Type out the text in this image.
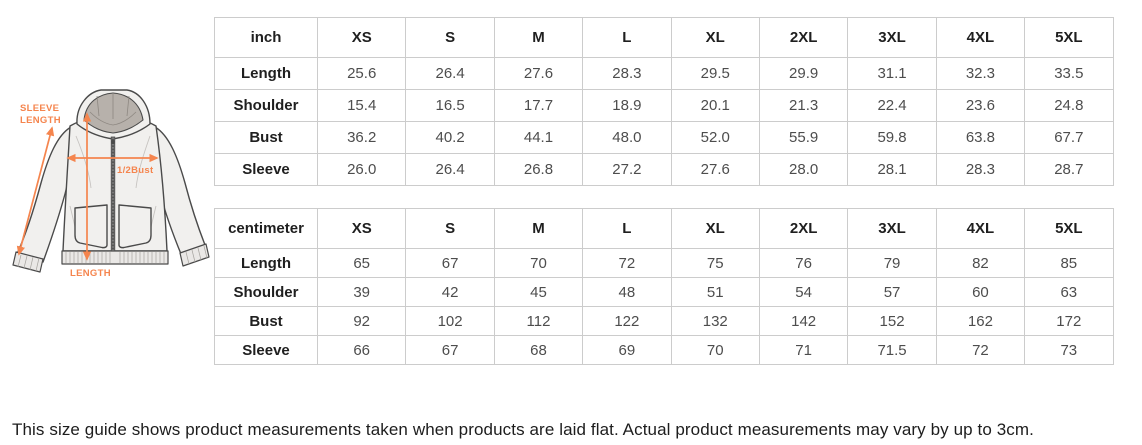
SLEEVE
LENGTH
1/2Bust
LENGTH
inch	XS	S	M	L	XL	2XL	3XL	4XL	5XL
Length	25.6	26.4	27.6	28.3	29.5	29.9	31.1	32.3	33.5
Shoulder	15.4	16.5	17.7	18.9	20.1	21.3	22.4	23.6	24.8
Bust	36.2	40.2	44.1	48.0	52.0	55.9	59.8	63.8	67.7
Sleeve	26.0	26.4	26.8	27.2	27.6	28.0	28.1	28.3	28.7
centimeter	XS	S	M	L	XL	2XL	3XL	4XL	5XL
Length	65	67	70	72	75	76	79	82	85
Shoulder	39	42	45	48	51	54	57	60	63
Bust	92	102	112	122	132	142	152	162	172
Sleeve	66	67	68	69	70	71	71.5	72	73
This size guide shows product measurements taken when products are laid flat. Actual product measurements may vary by up to 3cm.
